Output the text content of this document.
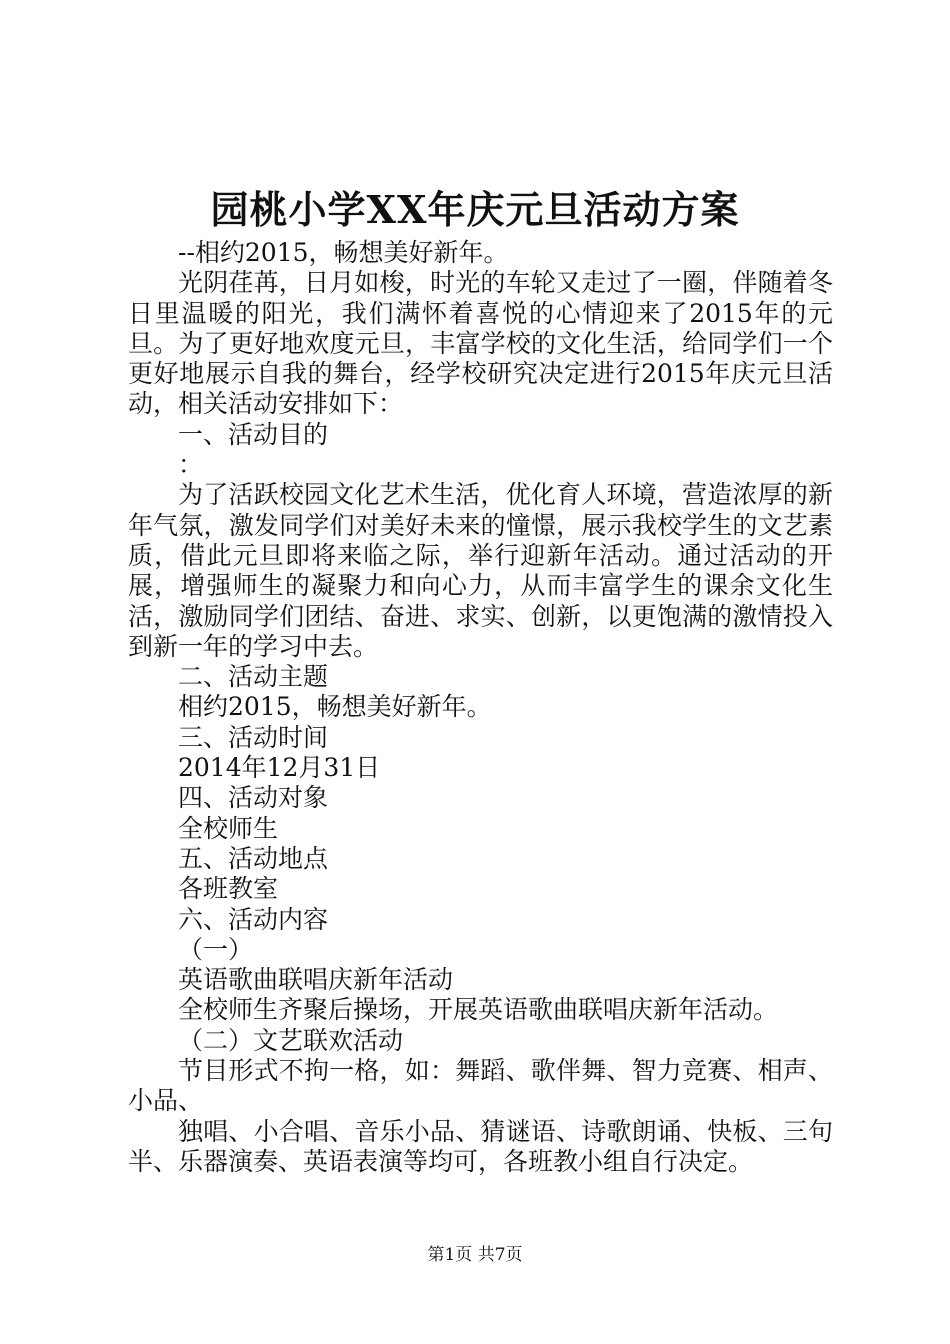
园桃小学XX年庆元旦活动方案

--相约2015，畅想美好新年。

光阴荏苒，日月如梭，时光的车轮又走过了一圈，伴随着冬日里温暖的阳光，我们满怀着喜悦的心情迎来了2015年的元旦。为了更好地欢度元旦，丰富学校的文化生活，给同学们一个更好地展示自我的舞台，经学校研究决定进行2015年庆元旦活动，相关活动安排如下：

一、活动目的

：

为了活跃校园文化艺术生活，优化育人环境，营造浓厚的新年气氛，激发同学们对美好未来的憧憬，展示我校学生的文艺素质，借此元旦即将来临之际，举行迎新年活动。通过活动的开展，增强师生的凝聚力和向心力，从而丰富学生的课余文化生活，激励同学们团结、奋进、求实、创新，以更饱满的激情投入到新一年的学习中去。

二、活动主题

相约2015，畅想美好新年。

三、活动时间

2014年12月31日

四、活动对象

全校师生

五、活动地点

各班教室

六、活动内容

（一）

英语歌曲联唱庆新年活动

全校师生齐聚后操场，开展英语歌曲联唱庆新年活动。

（二）文艺联欢活动

节目形式不拘一格，如：舞蹈、歌伴舞、智力竞赛、相声、小品、

独唱、小合唱、音乐小品、猜谜语、诗歌朗诵、快板、三句半、乐器演奏、英语表演等均可，各班教小组自行决定。

第1页 共7页
